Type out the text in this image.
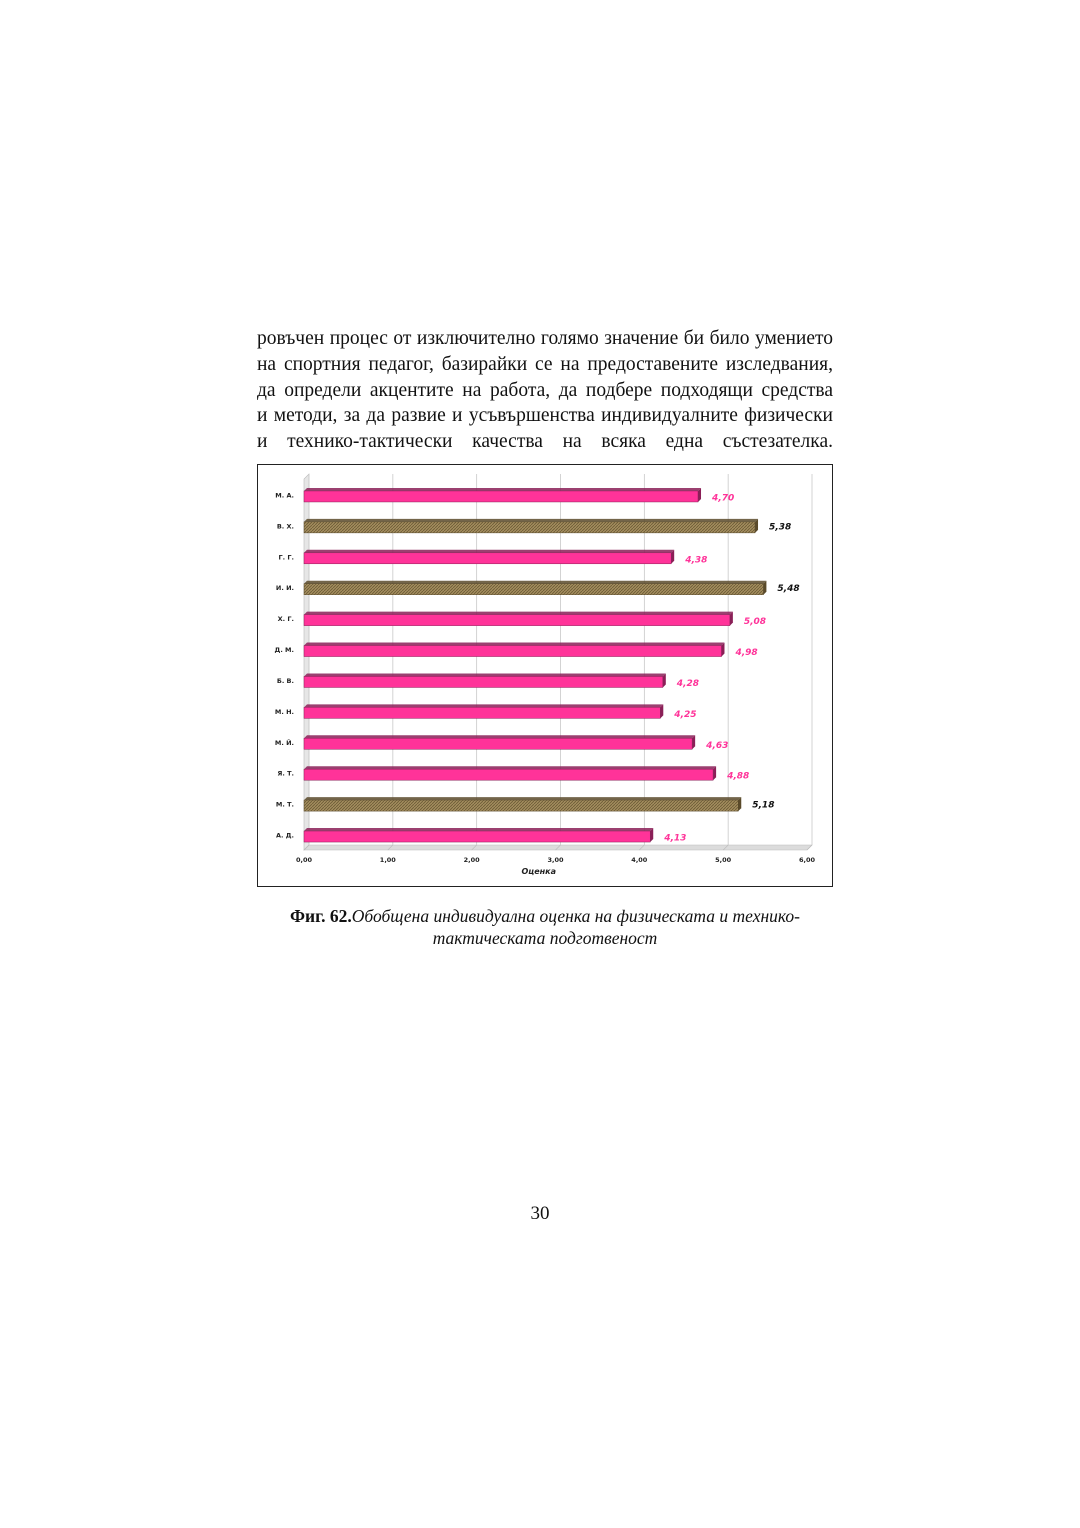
ровъчен процес от изключително голямо значение би било умението
на спортния педагог, базирайки се на предоставените изследвания,
да определи акцентите на работа, да подбере подходящи средства
и методи, за да развие и усъвършенства индивидуалните физически
и технико-тактически качества на всяка една състезателка.
0,00	1,00	2,00	3,00	4,00	5,00	6,00
Оценка
М. А.	4,70
В. Х.	5,38
Г. Г.	4,38
И. И.	5,48
Х. Г.	5,08
Д. М.	4,98
Б. В.	4,28
М. Н.	4,25
М. Й.	4,63
Я. Т.	4,88
М. Т.	5,18
А. Д.	4,13
Фиг. 62.Обобщена индивидуална оценка на физическата и технико-тактическата подготвеност
30
